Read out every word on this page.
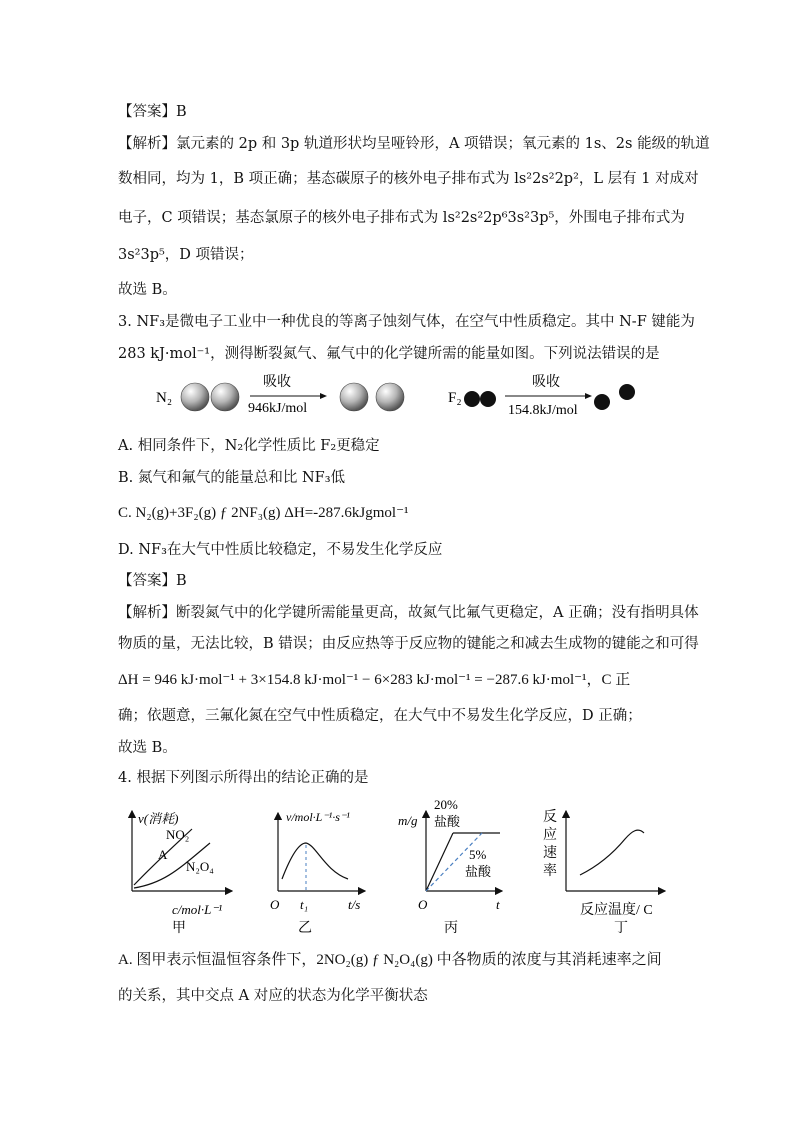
【答案】B
【解析】氯元素的 2p 和 3p 轨道形状均呈哑铃形，A 项错误；氧元素的 1s、2s 能级的轨道
数相同，均为 1，B 项正确；基态碳原子的核外电子排布式为 ls²2s²2p²，L 层有 1 对成对
电子，C 项错误；基态氯原子的核外电子排布式为 ls²2s²2p⁶3s²3p⁵，外围电子排布式为
3s²3p⁵，D 项错误；
故选 B。
3. NF₃是微电子工业中一种优良的等离子蚀刻气体，在空气中性质稳定。其中 N-F 键能为
283 kJ·mol⁻¹，测得断裂氮气、氟气中的化学键所需的能量如图。下列说法错误的是
N₂
吸收
946kJ/mol
F₂
吸收
154.8kJ/mol
A. 相同条件下，N₂化学性质比 F₂更稳定
B. 氮气和氟气的能量总和比 NF₃低
C. N₂(g)+3F₂(g) ƒ 2NF₃(g) ΔH=-287.6kJgmol⁻¹
D. NF₃在大气中性质比较稳定，不易发生化学反应
【答案】B
【解析】断裂氮气中的化学键所需能量更高，故氮气比氟气更稳定，A 正确；没有指明具体
物质的量，无法比较，B 错误；由反应热等于反应物的键能之和减去生成物的键能之和可得
ΔH = 946 kJ·mol⁻¹ + 3×154.8 kJ·mol⁻¹ − 6×283 kJ·mol⁻¹ = −287.6 kJ·mol⁻¹，C 正
确；依题意，三氟化氮在空气中性质稳定，在大气中不易发生化学反应，D 正确；
故选 B。
4. 根据下列图示所得出的结论正确的是
v(消耗)
NO₂
A
N₂O₄
c/mol·L⁻¹
甲
v/mol·L⁻¹·s⁻¹
O t₁	t/s
乙
m/g
20%
盐酸
5%
盐酸
O	t
丙
反
应
速
率
反应温度/ C
丁
A. 图甲表示恒温恒容条件下，2NO₂(g) ƒ N₂O₄(g) 中各物质的浓度与其消耗速率之间
的关系，其中交点 A 对应的状态为化学平衡状态
